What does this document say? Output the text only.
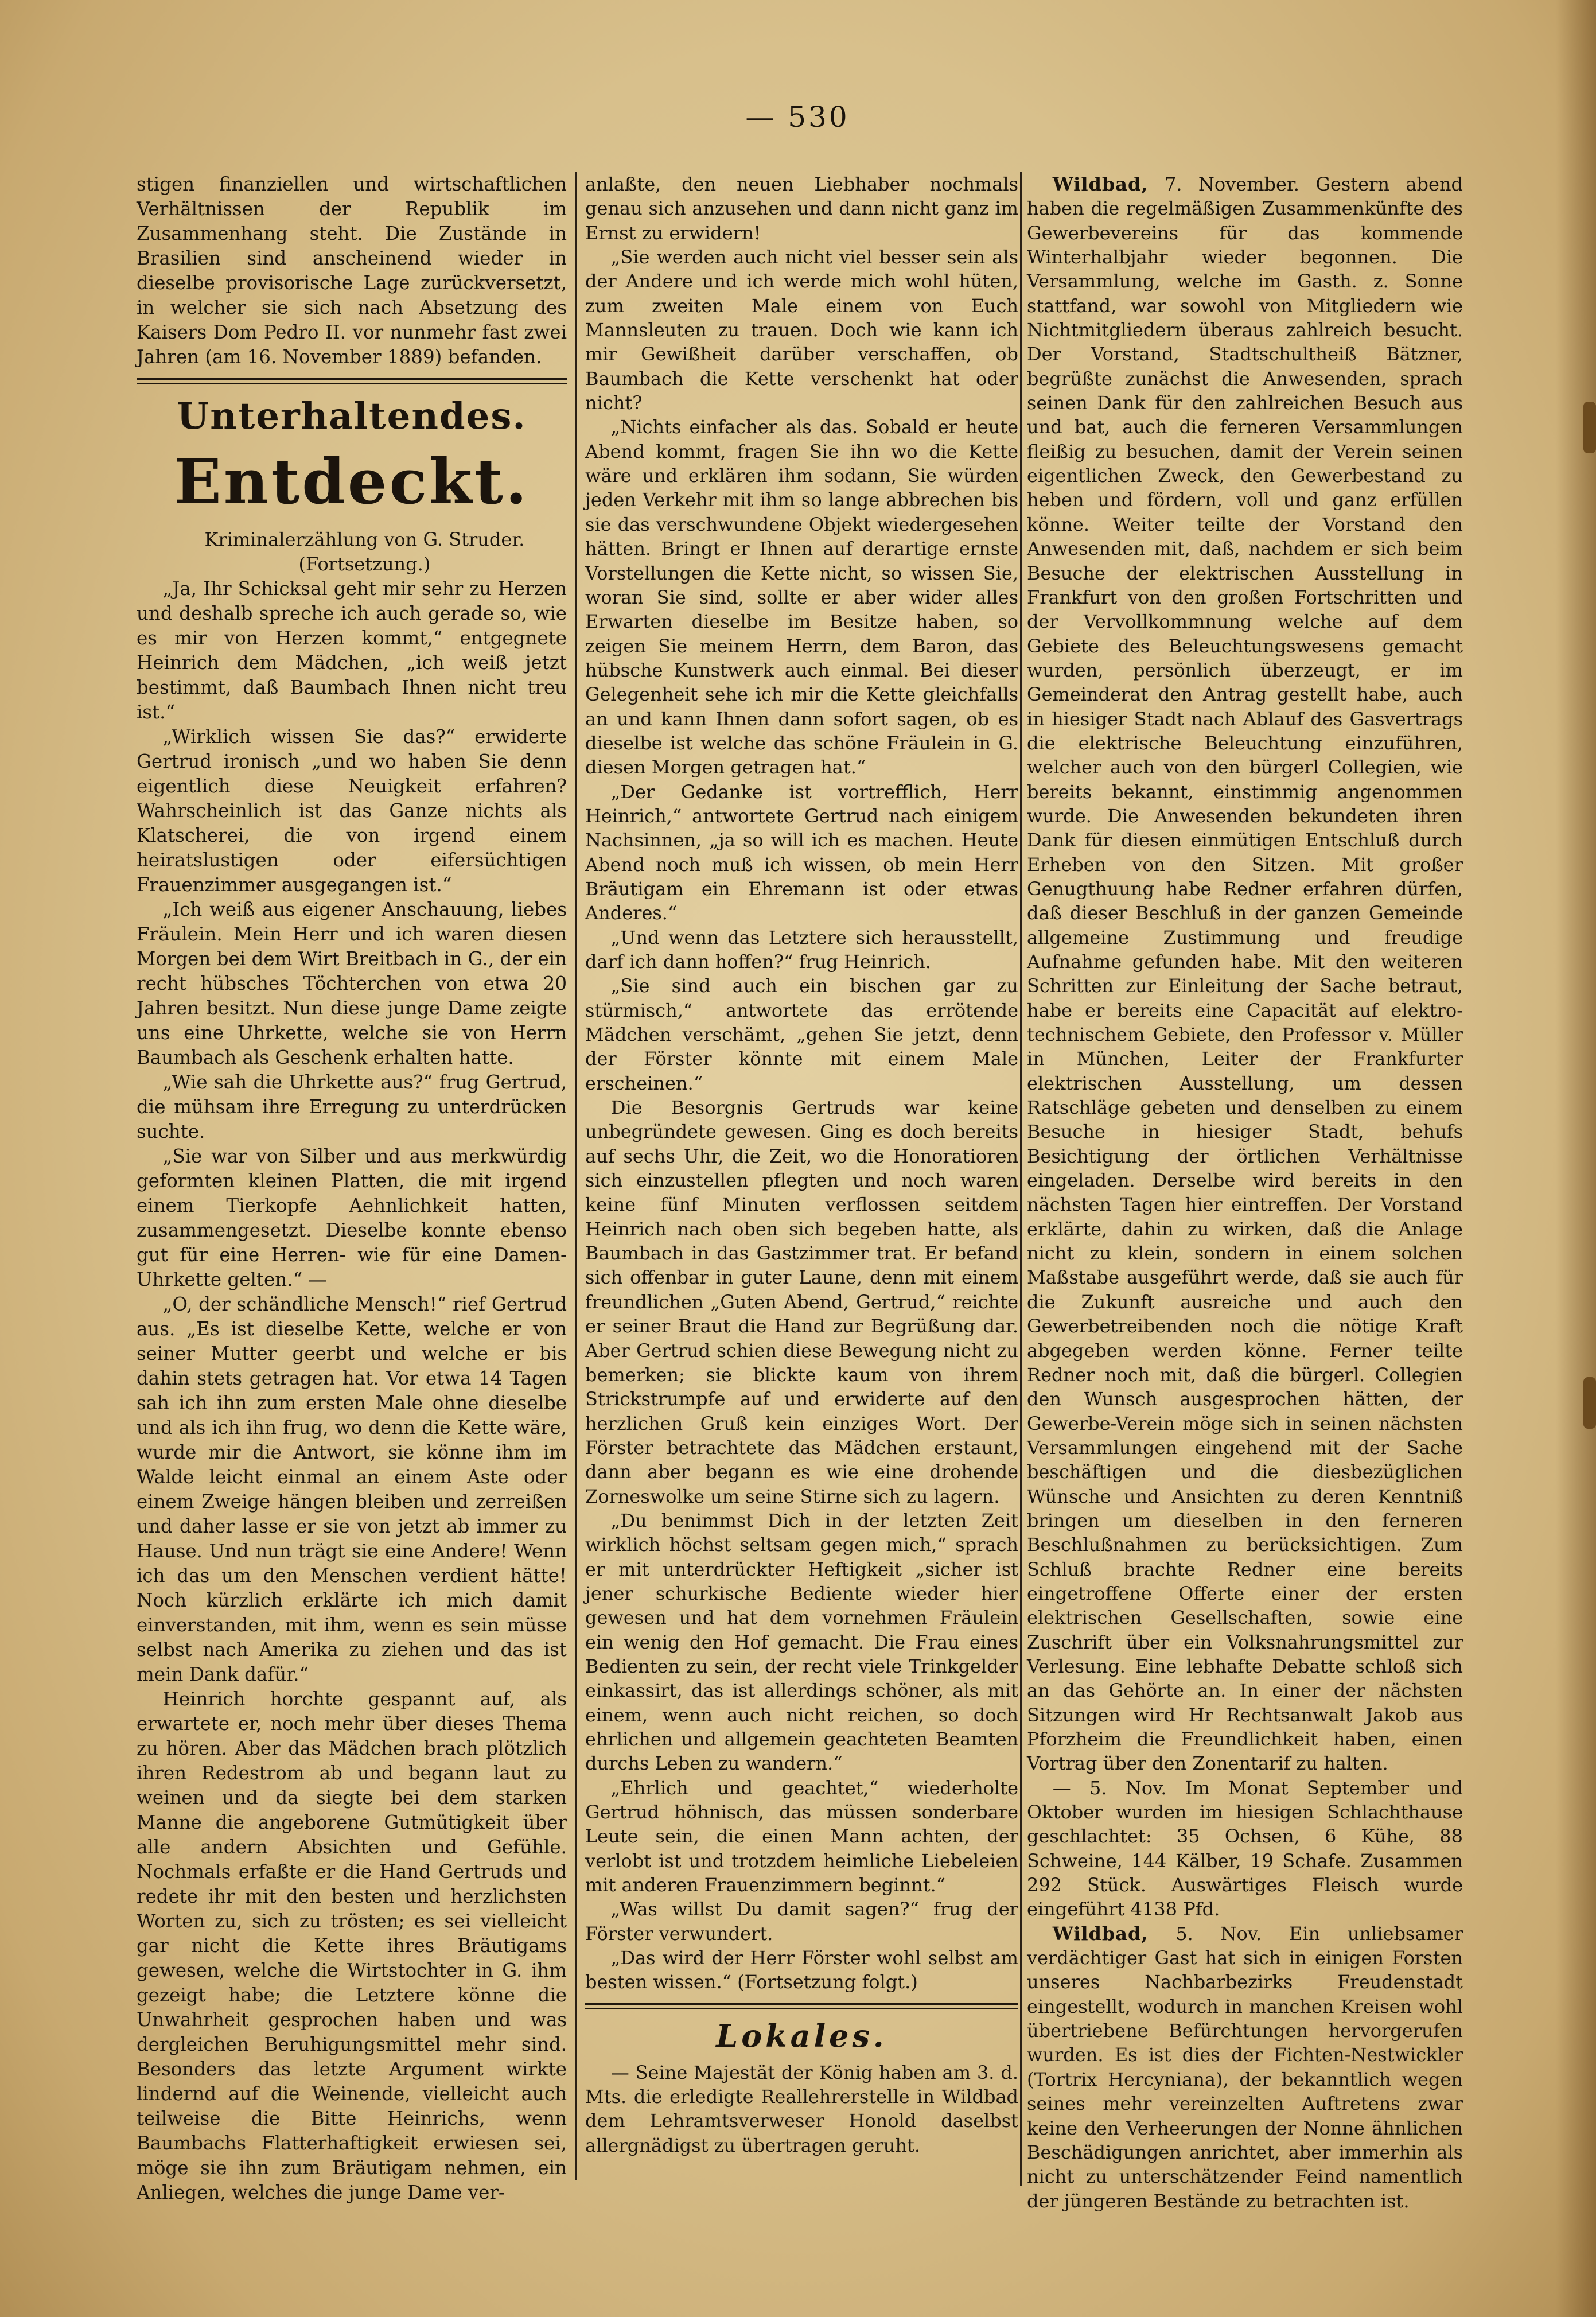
— 530

stigen finanziellen und wirtschaftlichen Verhältnissen der Republik im Zusammenhang steht. Die Zustände in Brasilien sind anscheinend wieder in dieselbe provisorische Lage zurückversetzt, in welcher sie sich nach Absetzung des Kaisers Dom Pedro II. vor nunmehr fast zwei Jahren (am 16. November 1889) befanden.

Unterhaltendes.
Entdeckt.

Kriminalerzählung von G. Struder.

(Fortsetzung.)

„Ja, Ihr Schicksal geht mir sehr zu Herzen und deshalb spreche ich auch gerade so, wie es mir von Herzen kommt,“ entgegnete Heinrich dem Mädchen, „ich weiß jetzt bestimmt, daß Baumbach Ihnen nicht treu ist.“

„Wirklich wissen Sie das?“ erwiderte Gertrud ironisch „und wo haben Sie denn eigentlich diese Neuigkeit erfahren? Wahrscheinlich ist das Ganze nichts als Klatscherei, die von irgend einem heiratslustigen oder eifersüchtigen Frauenzimmer ausgegangen ist.“

„Ich weiß aus eigener Anschauung, liebes Fräulein. Mein Herr und ich waren diesen Morgen bei dem Wirt Breitbach in G., der ein recht hübsches Töchterchen von etwa 20 Jahren besitzt. Nun diese junge Dame zeigte uns eine Uhrkette, welche sie von Herrn Baumbach als Geschenk erhalten hatte.

„Wie sah die Uhrkette aus?“ frug Gertrud, die mühsam ihre Erregung zu unterdrücken suchte.

„Sie war von Silber und aus merkwürdig geformten kleinen Platten, die mit irgend einem Tierkopfe Aehnlichkeit hatten, zusammengesetzt. Dieselbe konnte ebenso gut für eine Herren- wie für eine Damen-Uhrkette gelten.“ —

„O, der schändliche Mensch!“ rief Gertrud aus. „Es ist dieselbe Kette, welche er von seiner Mutter geerbt und welche er bis dahin stets getragen hat. Vor etwa 14 Tagen sah ich ihn zum ersten Male ohne dieselbe und als ich ihn frug, wo denn die Kette wäre, wurde mir die Antwort, sie könne ihm im Walde leicht einmal an einem Aste oder einem Zweige hängen bleiben und zerreißen und daher lasse er sie von jetzt ab immer zu Hause. Und nun trägt sie eine Andere! Wenn ich das um den Menschen verdient hätte! Noch kürzlich erklärte ich mich damit einverstanden, mit ihm, wenn es sein müsse selbst nach Amerika zu ziehen und das ist mein Dank dafür.“

Heinrich horchte gespannt auf, als erwartete er, noch mehr über dieses Thema zu hören. Aber das Mädchen brach plötzlich ihren Redestrom ab und begann laut zu weinen und da siegte bei dem starken Manne die angeborene Gutmütigkeit über alle andern Absichten und Gefühle. Nochmals erfaßte er die Hand Gertruds und redete ihr mit den besten und herzlichsten Worten zu, sich zu trösten; es sei vielleicht gar nicht die Kette ihres Bräutigams gewesen, welche die Wirtstochter in G. ihm gezeigt habe; die Letztere könne die Unwahrheit gesprochen haben und was dergleichen Beruhigungsmittel mehr sind. Besonders das letzte Argument wirkte lindernd auf die Weinende, vielleicht auch teilweise die Bitte Heinrichs, wenn Baumbachs Flatterhaftigkeit erwiesen sei, möge sie ihn zum Bräutigam nehmen, ein Anliegen, welches die junge Dame ver-

anlaßte, den neuen Liebhaber nochmals genau sich anzusehen und dann nicht ganz im Ernst zu erwidern!

„Sie werden auch nicht viel besser sein als der Andere und ich werde mich wohl hüten, zum zweiten Male einem von Euch Mannsleuten zu trauen. Doch wie kann ich mir Gewißheit darüber verschaffen, ob Baumbach die Kette verschenkt hat oder nicht?

„Nichts einfacher als das. Sobald er heute Abend kommt, fragen Sie ihn wo die Kette wäre und erklären ihm sodann, Sie würden jeden Verkehr mit ihm so lange abbrechen bis sie das verschwundene Objekt wiedergesehen hätten. Bringt er Ihnen auf derartige ernste Vorstellungen die Kette nicht, so wissen Sie, woran Sie sind, sollte er aber wider alles Erwarten dieselbe im Besitze haben, so zeigen Sie meinem Herrn, dem Baron, das hübsche Kunstwerk auch einmal. Bei dieser Gelegenheit sehe ich mir die Kette gleichfalls an und kann Ihnen dann sofort sagen, ob es dieselbe ist welche das schöne Fräulein in G. diesen Morgen getragen hat.“

„Der Gedanke ist vortrefflich, Herr Heinrich,“ antwortete Gertrud nach einigem Nachsinnen, „ja so will ich es machen. Heute Abend noch muß ich wissen, ob mein Herr Bräutigam ein Ehremann ist oder etwas Anderes.“

„Und wenn das Letztere sich herausstellt, darf ich dann hoffen?“ frug Heinrich.

„Sie sind auch ein bischen gar zu stürmisch,“ antwortete das errötende Mädchen verschämt, „gehen Sie jetzt, denn der Förster könnte mit einem Male erscheinen.“

Die Besorgnis Gertruds war keine unbegründete gewesen. Ging es doch bereits auf sechs Uhr, die Zeit, wo die Honoratioren sich einzustellen pflegten und noch waren keine fünf Minuten verflossen seitdem Heinrich nach oben sich begeben hatte, als Baumbach in das Gastzimmer trat. Er befand sich offenbar in guter Laune, denn mit einem freundlichen „Guten Abend, Gertrud,“ reichte er seiner Braut die Hand zur Begrüßung dar. Aber Gertrud schien diese Bewegung nicht zu bemerken; sie blickte kaum von ihrem Strickstrumpfe auf und erwiderte auf den herzlichen Gruß kein einziges Wort. Der Förster betrachtete das Mädchen erstaunt, dann aber begann es wie eine drohende Zorneswolke um seine Stirne sich zu lagern.

„Du benimmst Dich in der letzten Zeit wirklich höchst seltsam gegen mich,“ sprach er mit unterdrückter Heftigkeit „sicher ist jener schurkische Bediente wieder hier gewesen und hat dem vornehmen Fräulein ein wenig den Hof gemacht. Die Frau eines Bedienten zu sein, der recht viele Trinkgelder einkassirt, das ist allerdings schöner, als mit einem, wenn auch nicht reichen, so doch ehrlichen und allgemein geachteten Beamten durchs Leben zu wandern.“

„Ehrlich und geachtet,“ wiederholte Gertrud höhnisch, das müssen sonderbare Leute sein, die einen Mann achten, der verlobt ist und trotzdem heimliche Liebeleien mit anderen Frauenzimmern beginnt.“

„Was willst Du damit sagen?“ frug der Förster verwundert.

„Das wird der Herr Förster wohl selbst am besten wissen.“ (Fortsetzung folgt.)

Lokales.

— Seine Majestät der König haben am 3. d. Mts. die erledigte Reallehrerstelle in Wildbad dem Lehramtsverweser Honold daselbst allergnädigst zu übertragen geruht.

Wildbad, 7. November. Gestern abend haben die regelmäßigen Zusammenkünfte des Gewerbevereins für das kommende Winterhalbjahr wieder begonnen. Die Versammlung, welche im Gasth. z. Sonne stattfand, war sowohl von Mitgliedern wie Nichtmitgliedern überaus zahlreich besucht. Der Vorstand, Stadtschultheiß Bätzner, begrüßte zunächst die Anwesenden, sprach seinen Dank für den zahlreichen Besuch aus und bat, auch die ferneren Versammlungen fleißig zu besuchen, damit der Verein seinen eigentlichen Zweck, den Gewerbestand zu heben und fördern, voll und ganz erfüllen könne. Weiter teilte der Vorstand den Anwesenden mit, daß, nachdem er sich beim Besuche der elektrischen Ausstellung in Frankfurt von den großen Fortschritten und der Vervollkommnung welche auf dem Gebiete des Beleuchtungswesens gemacht wurden, persönlich überzeugt, er im Gemeinderat den Antrag gestellt habe, auch in hiesiger Stadt nach Ablauf des Gasvertrags die elektrische Beleuchtung einzuführen, welcher auch von den bürgerl Collegien, wie bereits bekannt, einstimmig angenommen wurde. Die Anwesenden bekundeten ihren Dank für diesen einmütigen Entschluß durch Erheben von den Sitzen. Mit großer Genugthuung habe Redner erfahren dürfen, daß dieser Beschluß in der ganzen Gemeinde allgemeine Zustimmung und freudige Aufnahme gefunden habe. Mit den weiteren Schritten zur Einleitung der Sache betraut, habe er bereits eine Capacität auf elektro-technischem Gebiete, den Professor v. Müller in München, Leiter der Frankfurter elektrischen Ausstellung, um dessen Ratschläge gebeten und denselben zu einem Besuche in hiesiger Stadt, behufs Besichtigung der örtlichen Verhältnisse eingeladen. Derselbe wird bereits in den nächsten Tagen hier eintreffen. Der Vorstand erklärte, dahin zu wirken, daß die Anlage nicht zu klein, sondern in einem solchen Maßstabe ausgeführt werde, daß sie auch für die Zukunft ausreiche und auch den Gewerbetreibenden noch die nötige Kraft abgegeben werden könne. Ferner teilte Redner noch mit, daß die bürgerl. Collegien den Wunsch ausgesprochen hätten, der Gewerbe-Verein möge sich in seinen nächsten Versammlungen eingehend mit der Sache beschäftigen und die diesbezüglichen Wünsche und Ansichten zu deren Kenntniß bringen um dieselben in den ferneren Beschlußnahmen zu berücksichtigen. Zum Schluß brachte Redner eine bereits eingetroffene Offerte einer der ersten elektrischen Gesellschaften, sowie eine Zuschrift über ein Volksnahrungsmittel zur Verlesung. Eine lebhafte Debatte schloß sich an das Gehörte an. In einer der nächsten Sitzungen wird Hr Rechtsanwalt Jakob aus Pforzheim die Freundlichkeit haben, einen Vortrag über den Zonentarif zu halten.

— 5. Nov. Im Monat September und Oktober wurden im hiesigen Schlachthause geschlachtet: 35 Ochsen, 6 Kühe, 88 Schweine, 144 Kälber, 19 Schafe. Zusammen 292 Stück. Auswärtiges Fleisch wurde eingeführt 4138 Pfd.

Wildbad, 5. Nov. Ein unliebsamer verdächtiger Gast hat sich in einigen Forsten unseres Nachbarbezirks Freudenstadt eingestellt, wodurch in manchen Kreisen wohl übertriebene Befürchtungen hervorgerufen wurden. Es ist dies der Fichten-Nestwickler (Tortrix Hercyniana), der bekanntlich wegen seines mehr vereinzelten Auftretens zwar keine den Verheerungen der Nonne ähnlichen Beschädigungen anrichtet, aber immerhin als nicht zu unterschätzender Feind namentlich der jüngeren Bestände zu betrachten ist.
